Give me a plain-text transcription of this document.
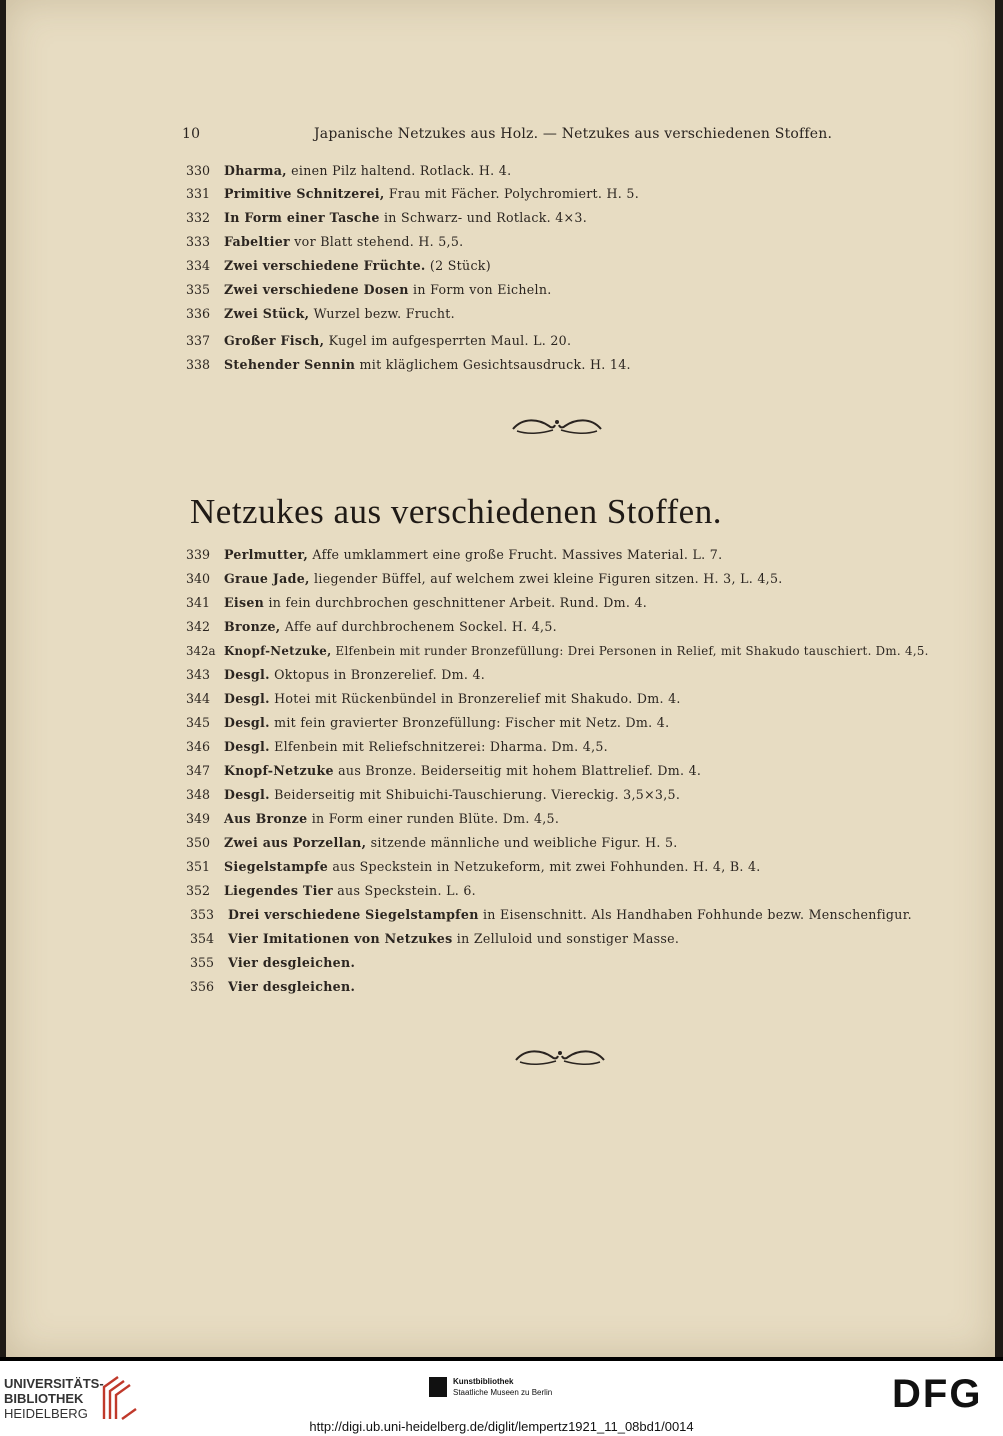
10	Japanische Netzukes aus Holz. — Netzukes aus verschiedenen Stoffen.
330 Dharma, einen Pilz haltend. Rotlack. H. 4.
331 Primitive Schnitzerei, Frau mit Fächer. Polychromiert. H. 5.
332 In Form einer Tasche in Schwarz- und Rotlack. 4×3.
333 Fabeltier vor Blatt stehend. H. 5,5.
334 Zwei verschiedene Früchte. (2 Stück)
335 Zwei verschiedene Dosen in Form von Eicheln.
336 Zwei Stück, Wurzel bezw. Frucht.
337 Großer Fisch, Kugel im aufgesperrten Maul. L. 20.
338 Stehender Sennin mit kläglichem Gesichtsausdruck. H. 14.
339 Perlmutter, Affe umklammert eine große Frucht. Massives Material. L. 7.
340 Graue Jade, liegender Büffel, auf welchem zwei kleine Figuren sitzen. H. 3, L. 4,5.
341 Eisen in fein durchbrochen geschnittener Arbeit. Rund. Dm. 4.
342 Bronze, Affe auf durchbrochenem Sockel. H. 4,5.
342a Knopf-Netzuke, Elfenbein mit runder Bronzefüllung: Drei Personen in Relief, mit Shakudo tauschiert. Dm. 4,5.
343 Desgl. Oktopus in Bronzerelief. Dm. 4.
344 Desgl. Hotei mit Rückenbündel in Bronzerelief mit Shakudo. Dm. 4.
345 Desgl. mit fein gravierter Bronzefüllung: Fischer mit Netz. Dm. 4.
346 Desgl. Elfenbein mit Reliefschnitzerei: Dharma. Dm. 4,5.
347 Knopf-Netzuke aus Bronze. Beiderseitig mit hohem Blattrelief. Dm. 4.
348 Desgl. Beiderseitig mit Shibuichi-Tauschierung. Viereckig. 3,5×3,5.
349 Aus Bronze in Form einer runden Blüte. Dm. 4,5.
350 Zwei aus Porzellan, sitzende männliche und weibliche Figur. H. 5.
351 Siegelstampfe aus Speckstein in Netzukeform, mit zwei Fohhunden. H. 4, B. 4.
352 Liegendes Tier aus Speckstein. L. 6.
353 Drei verschiedene Siegelstampfen in Eisenschnitt. Als Handhaben Fohhunde bezw. Menschenfigur.
354 Vier Imitationen von Netzukes in Zelluloid und sonstiger Masse.
355 Vier desgleichen.
356 Vier desgleichen.
Netzukes aus verschiedenen Stoffen.
UNIVERSITÄTS-
BIBLIOTHEK
HEIDELBERG
Kunstbibliothek
Staatliche Museen zu Berlin	DFG
http://digi.ub.uni-heidelberg.de/diglit/lempertz1921_11_08bd1/0014
